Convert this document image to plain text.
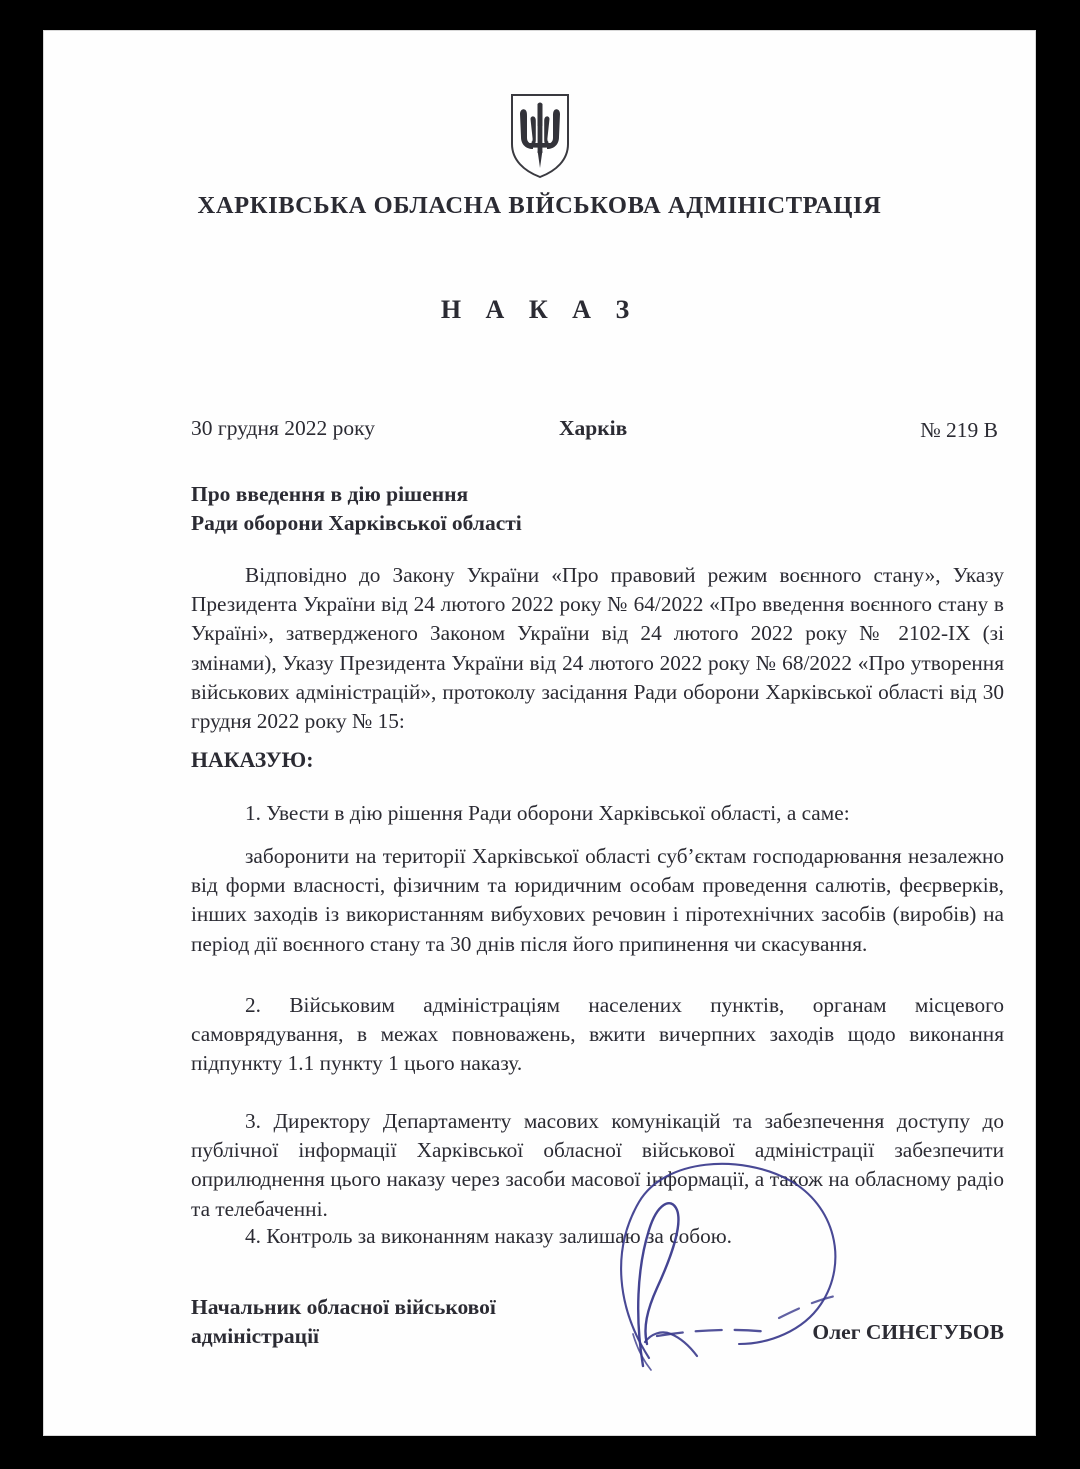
ХАРКІВСЬКА ОБЛАСНА ВІЙСЬКОВА АДМІНІСТРАЦІЯ
Н А К А З
30 грудня 2022 року	Харків	№ 219 В
Про введення в дію рішення
Ради оборони Харківської області
Відповідно до Закону України «Про правовий режим воєнного стану», Указу Президента України від 24 лютого 2022 року № 64/2022 «Про введення воєнного стану в Україні», затвердженого Законом України від 24 лютого 2022 року № 2102-IX (зі змінами), Указу Президента України від 24 лютого 2022 року № 68/2022 «Про утворення військових адміністрацій», протоколу засідання Ради оборони Харківської області від 30 грудня 2022 року № 15:
НАКАЗУЮ:
1. Увести в дію рішення Ради оборони Харківської області, а саме:
заборонити на території Харківської області суб’єктам господарювання незалежно від форми власності, фізичним та юридичним особам проведення салютів, феєрверків, інших заходів із використанням вибухових речовин і піротехнічних засобів (виробів) на період дії воєнного стану та 30 днів після його припинення чи скасування.
2. Військовим адміністраціям населених пунктів, органам місцевого самоврядування, в межах повноважень, вжити вичерпних заходів щодо виконання підпункту 1.1 пункту 1 цього наказу.
3. Директору Департаменту масових комунікацій та забезпечення доступу до публічної інформації Харківської обласної військової адміністрації забезпечити оприлюднення цього наказу через засоби масової інформації, а також на обласному радіо та телебаченні.
4. Контроль за виконанням наказу залишаю за собою.
Начальник обласної військової
адміністрації	Олег СИНЄГУБОВ
